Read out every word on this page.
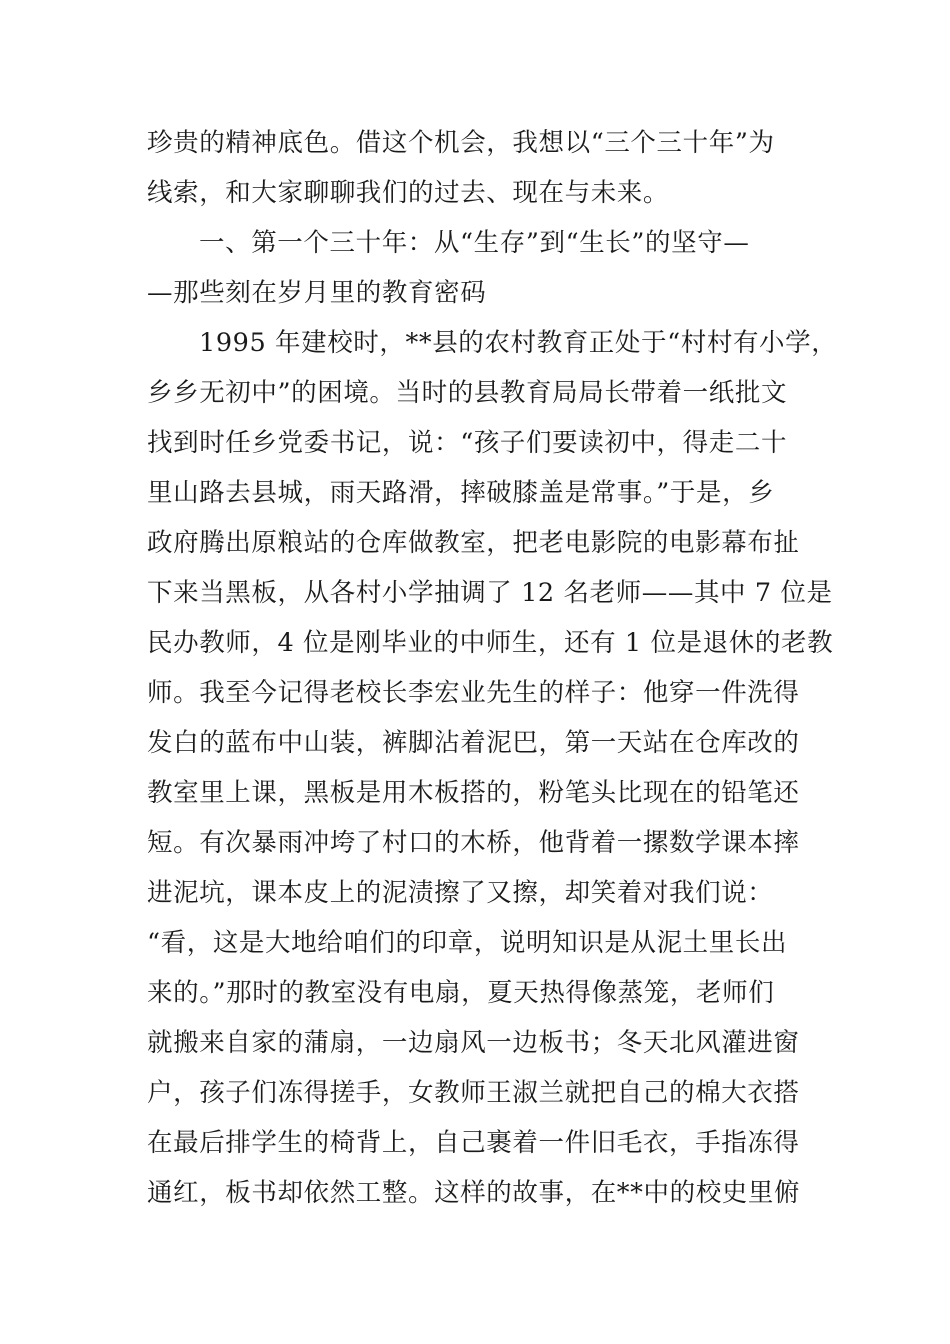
珍贵的精神底色。借这个机会，我想以“三个三十年”为
线索，和大家聊聊我们的过去、现在与未来。
一、第一个三十年：从“生存”到“生长”的坚守—
—那些刻在岁月里的教育密码
1995 年建校时，**县的农村教育正处于“村村有小学，
乡乡无初中”的困境。当时的县教育局局长带着一纸批文
找到时任乡党委书记，说：“孩子们要读初中，得走二十
里山路去县城，雨天路滑，摔破膝盖是常事。”于是，乡
政府腾出原粮站的仓库做教室，把老电影院的电影幕布扯
下来当黑板，从各村小学抽调了 12 名老师——其中 7 位是
民办教师，4 位是刚毕业的中师生，还有 1 位是退休的老教
师。我至今记得老校长李宏业先生的样子：他穿一件洗得
发白的蓝布中山装，裤脚沾着泥巴，第一天站在仓库改的
教室里上课，黑板是用木板搭的，粉笔头比现在的铅笔还
短。有次暴雨冲垮了村口的木桥，他背着一摞数学课本摔
进泥坑，课本皮上的泥渍擦了又擦，却笑着对我们说：
“看，这是大地给咱们的印章，说明知识是从泥土里长出
来的。”那时的教室没有电扇，夏天热得像蒸笼，老师们
就搬来自家的蒲扇，一边扇风一边板书；冬天北风灌进窗
户，孩子们冻得搓手，女教师王淑兰就把自己的棉大衣搭
在最后排学生的椅背上，自己裹着一件旧毛衣，手指冻得
通红，板书却依然工整。这样的故事，在**中的校史里俯
